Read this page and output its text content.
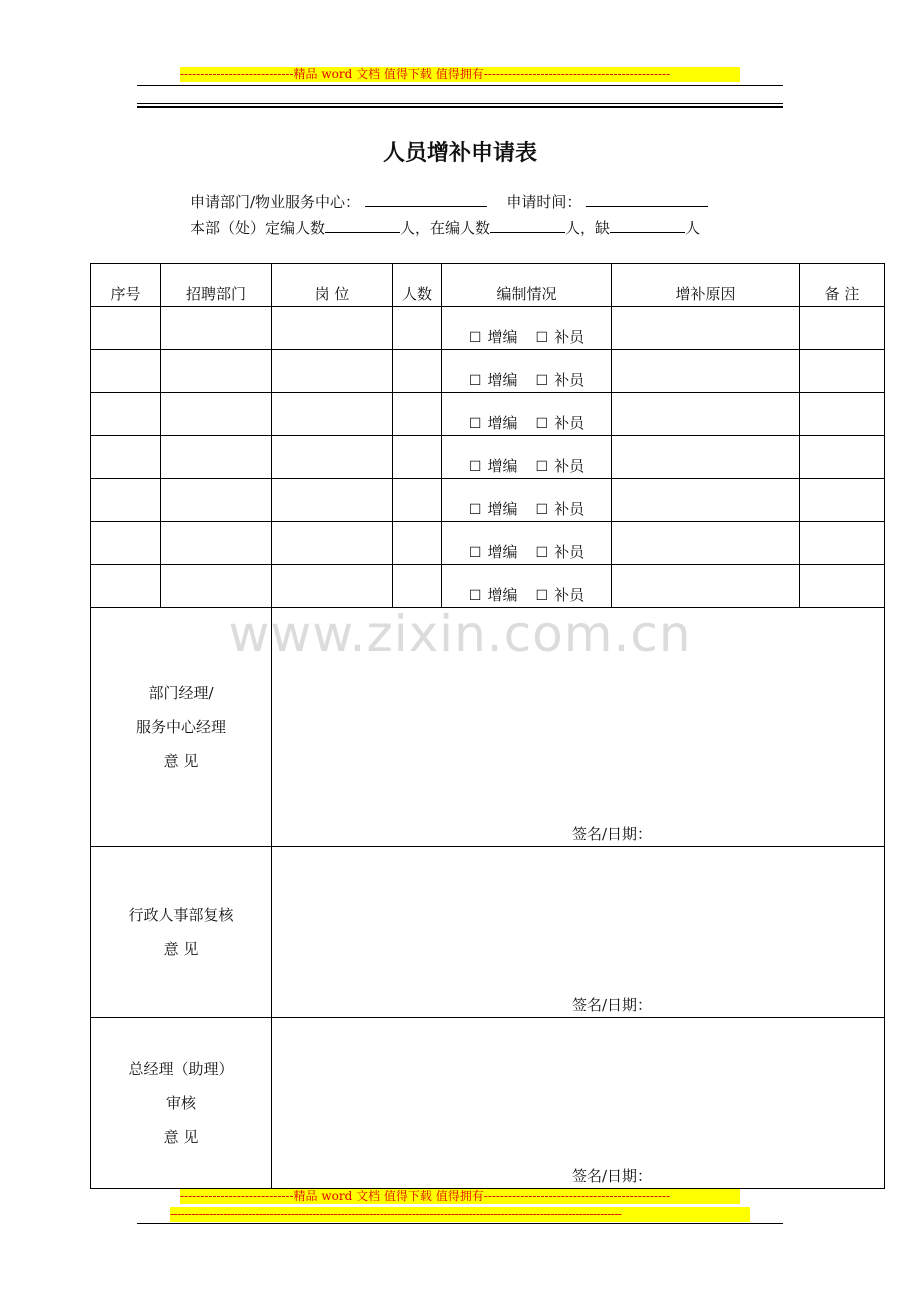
----------------------------精品 word 文档 值得下载 值得拥有----------------------------------------------
人员增补申请表
申请部门/物业服务中心：	申请时间：
本部（处）定编人数	人，在编人数	人，缺	人
序号	招聘部门	岗 位	人数	编制情况	增补原因	备 注
				☐ 增编 ☐ 补员		
				☐ 增编 ☐ 补员		
				☐ 增编 ☐ 补员		
				☐ 增编 ☐ 补员		
				☐ 增编 ☐ 补员		
				☐ 增编 ☐ 补员		
				☐ 增编 ☐ 补员		

部门经理/
服务中心经理
意 见		签名/日期：				

行政人事部复核
意 见		签名/日期：				

总经理（助理）
审核
意 见		签名/日期：				
www.zixin.com.cn
----------------------------精品 word 文档 值得下载 值得拥有----------------------------------------------
-------------------------------------------------------------------------------------------------------------------------------
